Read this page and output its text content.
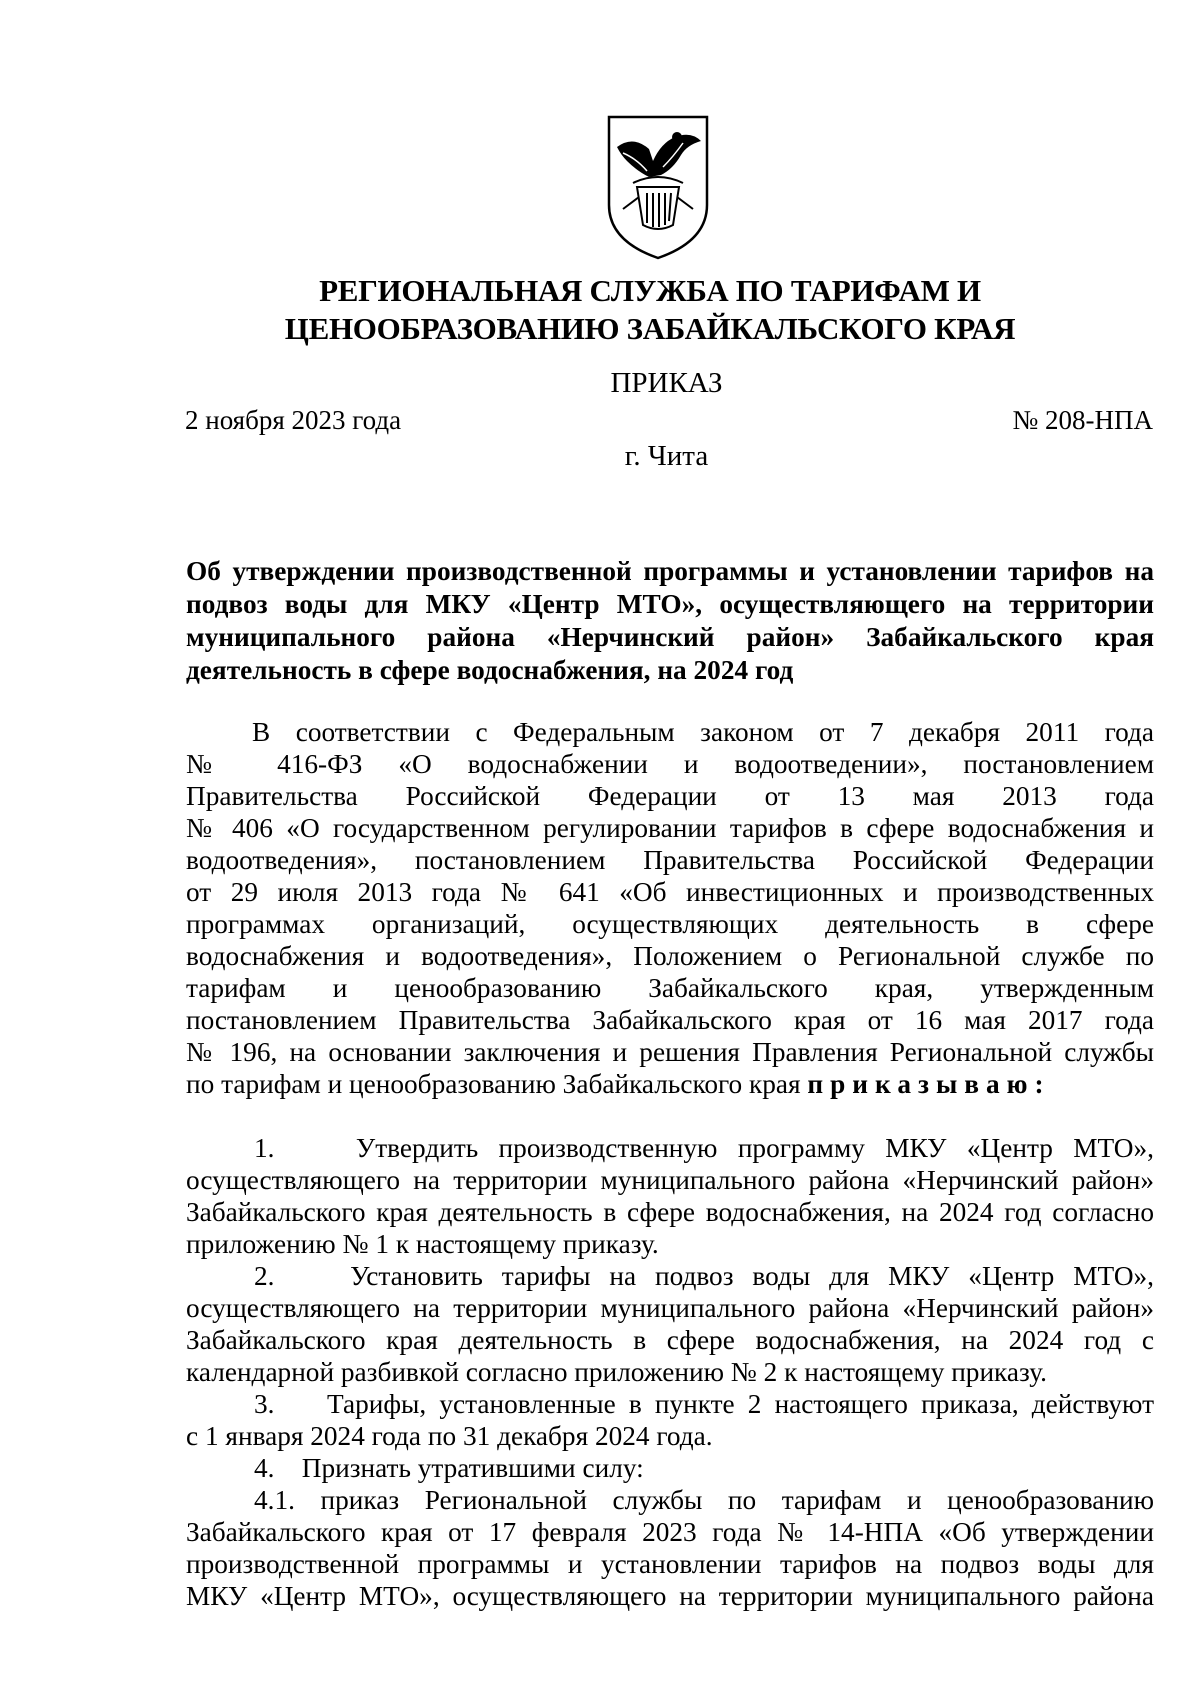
РЕГИОНАЛЬНАЯ СЛУЖБА ПО ТАРИФАМ И
ЦЕНООБРАЗОВАНИЮ ЗАБАЙКАЛЬСКОГО КРАЯ
ПРИКАЗ
2 ноября 2023 года	№ 208-НПА
г. Чита
Об утверждении производственной программы и установлении тарифов на
подвоз воды для МКУ «Центр МТО», осуществляющего на территории
муниципального района «Нерчинский район» Забайкальского края
деятельность в сфере водоснабжения, на 2024 год
В соответствии с Федеральным законом от 7 декабря 2011 года
№ 416-ФЗ «О водоснабжении и водоотведении», постановлением
Правительства Российской Федерации от 13 мая 2013 года
№ 406 «О государственном регулировании тарифов в сфере водоснабжения и
водоотведения», постановлением Правительства Российской Федерации
от 29 июля 2013 года № 641 «Об инвестиционных и производственных
программах организаций, осуществляющих деятельность в сфере
водоснабжения и водоотведения», Положением о Региональной службе по
тарифам и ценообразованию Забайкальского края, утвержденным
постановлением Правительства Забайкальского края от 16 мая 2017 года
№ 196, на основании заключения и решения Правления Региональной службы
по тарифам и ценообразованию Забайкальского края приказываю:
1.    Утвердить производственную программу МКУ «Центр МТО»,
осуществляющего на территории муниципального района «Нерчинский район»
Забайкальского края деятельность в сфере водоснабжения, на 2024 год согласно
приложению № 1 к настоящему приказу.
2.    Установить тарифы на подвоз воды для МКУ «Центр МТО»,
осуществляющего на территории муниципального района «Нерчинский район»
Забайкальского края деятельность в сфере водоснабжения, на 2024 год с
календарной разбивкой согласно приложению № 2 к настоящему приказу.
3.    Тарифы, установленные в пункте 2 настоящего приказа, действуют
с 1 января 2024 года по 31 декабря 2024 года.
4.    Признать утратившими силу:
4.1. приказ Региональной службы по тарифам и ценообразованию
Забайкальского края от 17 февраля 2023 года № 14-НПА «Об утверждении
производственной программы и установлении тарифов на подвоз воды для
МКУ «Центр МТО», осуществляющего на территории муниципального района
